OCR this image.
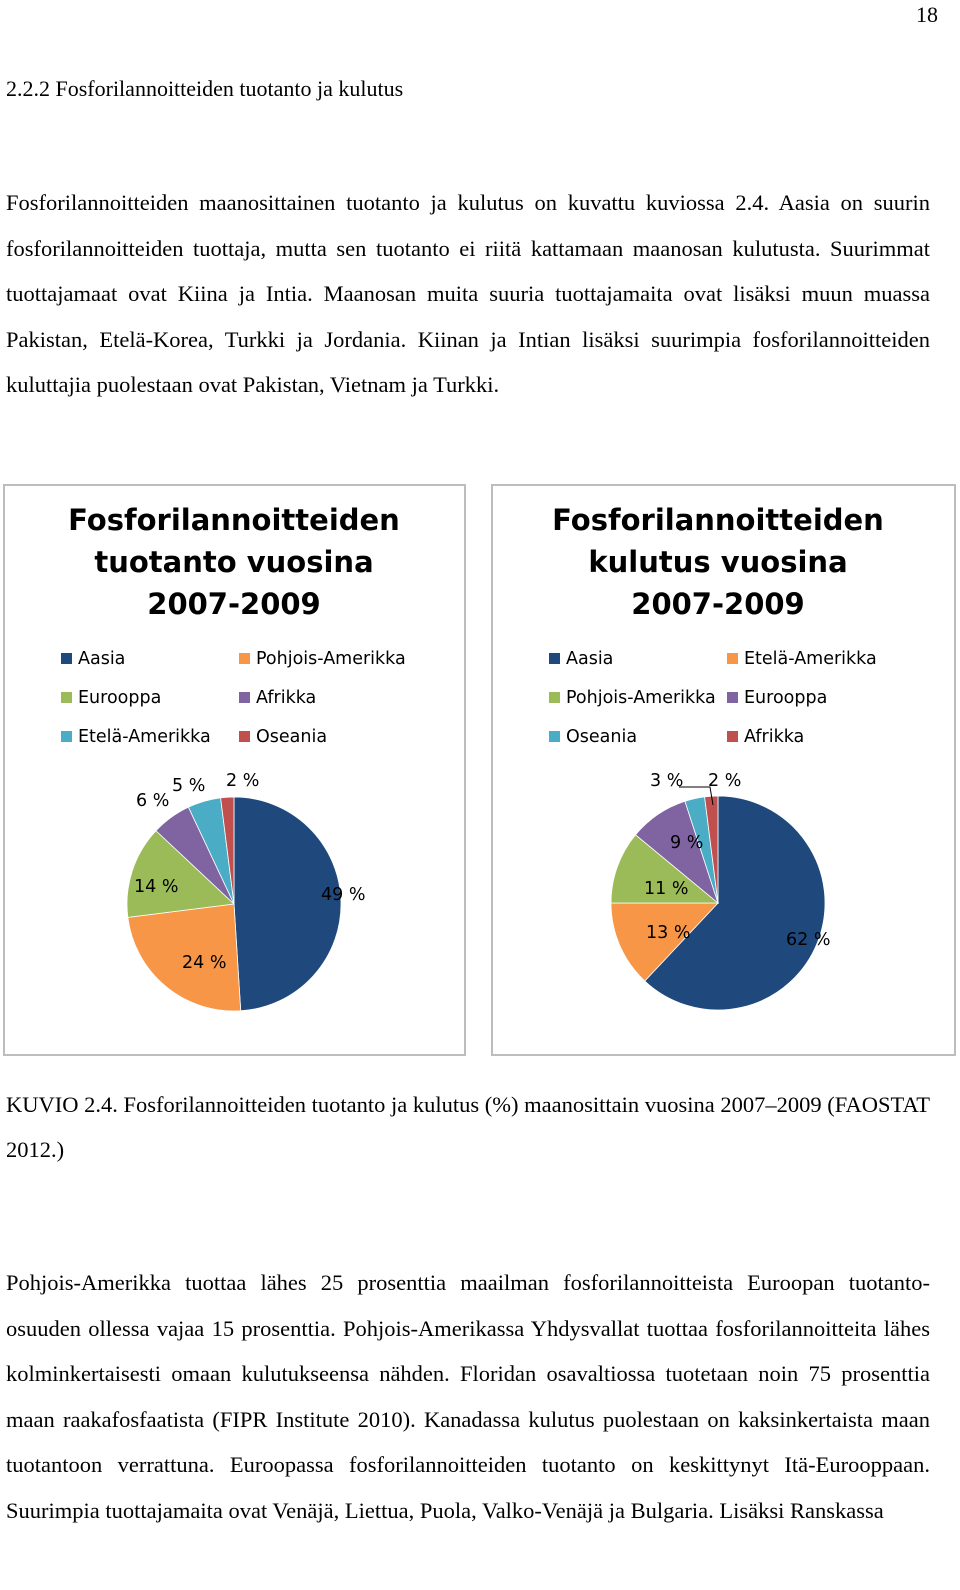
18
2.2.2 Fosforilannoitteiden tuotanto ja kulutus

Fosforilannoitteiden maanosittainen tuotanto ja kulutus on kuvattu kuviossa 2.4. Aasia on suurin fosforilannoitteiden tuottaja, mutta sen tuotanto ei riitä kattamaan maanosan kulutusta. Suurimmat tuottajamaat ovat Kiina ja Intia. Maanosan muita suuria tuottajamaita ovat lisäksi muun muassa Pakistan, Etelä-Korea, Turkki ja Jordania. Kiinan ja Intian lisäksi suurimpia fosforilannoitteiden kuluttajia puolestaan ovat Pakistan, Vietnam ja Turkki.

Fosforilannoitteiden
tuotanto vuosina
2007-2009
Aasia	Pohjois-Amerikka
Eurooppa	Afrikka
Etelä-Amerikka	Oseania
49 %
24 %
14 %
6 %
5 % 2 %
Fosforilannoitteiden
kulutus vuosina
2007-2009
Aasia	Etelä-Amerikka
Pohjois-Amerikka Eurooppa
Oseania	Afrikka
62 %
13 %
11 %
9 %
3 % 2 %

KUVIO 2.4. Fosforilannoitteiden tuotanto ja kulutus (%) maanosittain vuosina 2007–2009 (FAOSTAT 2012.)

Pohjois-Amerikka tuottaa lähes 25 prosenttia maailman fosforilannoitteista Euroopan tuotanto-osuuden ollessa vajaa 15 prosenttia. Pohjois-Amerikassa Yhdysvallat tuottaa fosforilannoitteita lähes kolminkertaisesti omaan kulutukseensa nähden. Floridan osavaltiossa tuotetaan noin 75 prosenttia maan raakafosfaatista (FIPR Institute 2010). Kanadassa kulutus puolestaan on kaksinkertaista maan tuotantoon verrattuna. Euroopassa fosforilannoitteiden tuotanto on keskittynyt Itä-Eurooppaan. Suurimpia tuottajamaita ovat Venäjä, Liettua, Puola, Valko-Venäjä ja Bulgaria. Lisäksi Ranskassa
